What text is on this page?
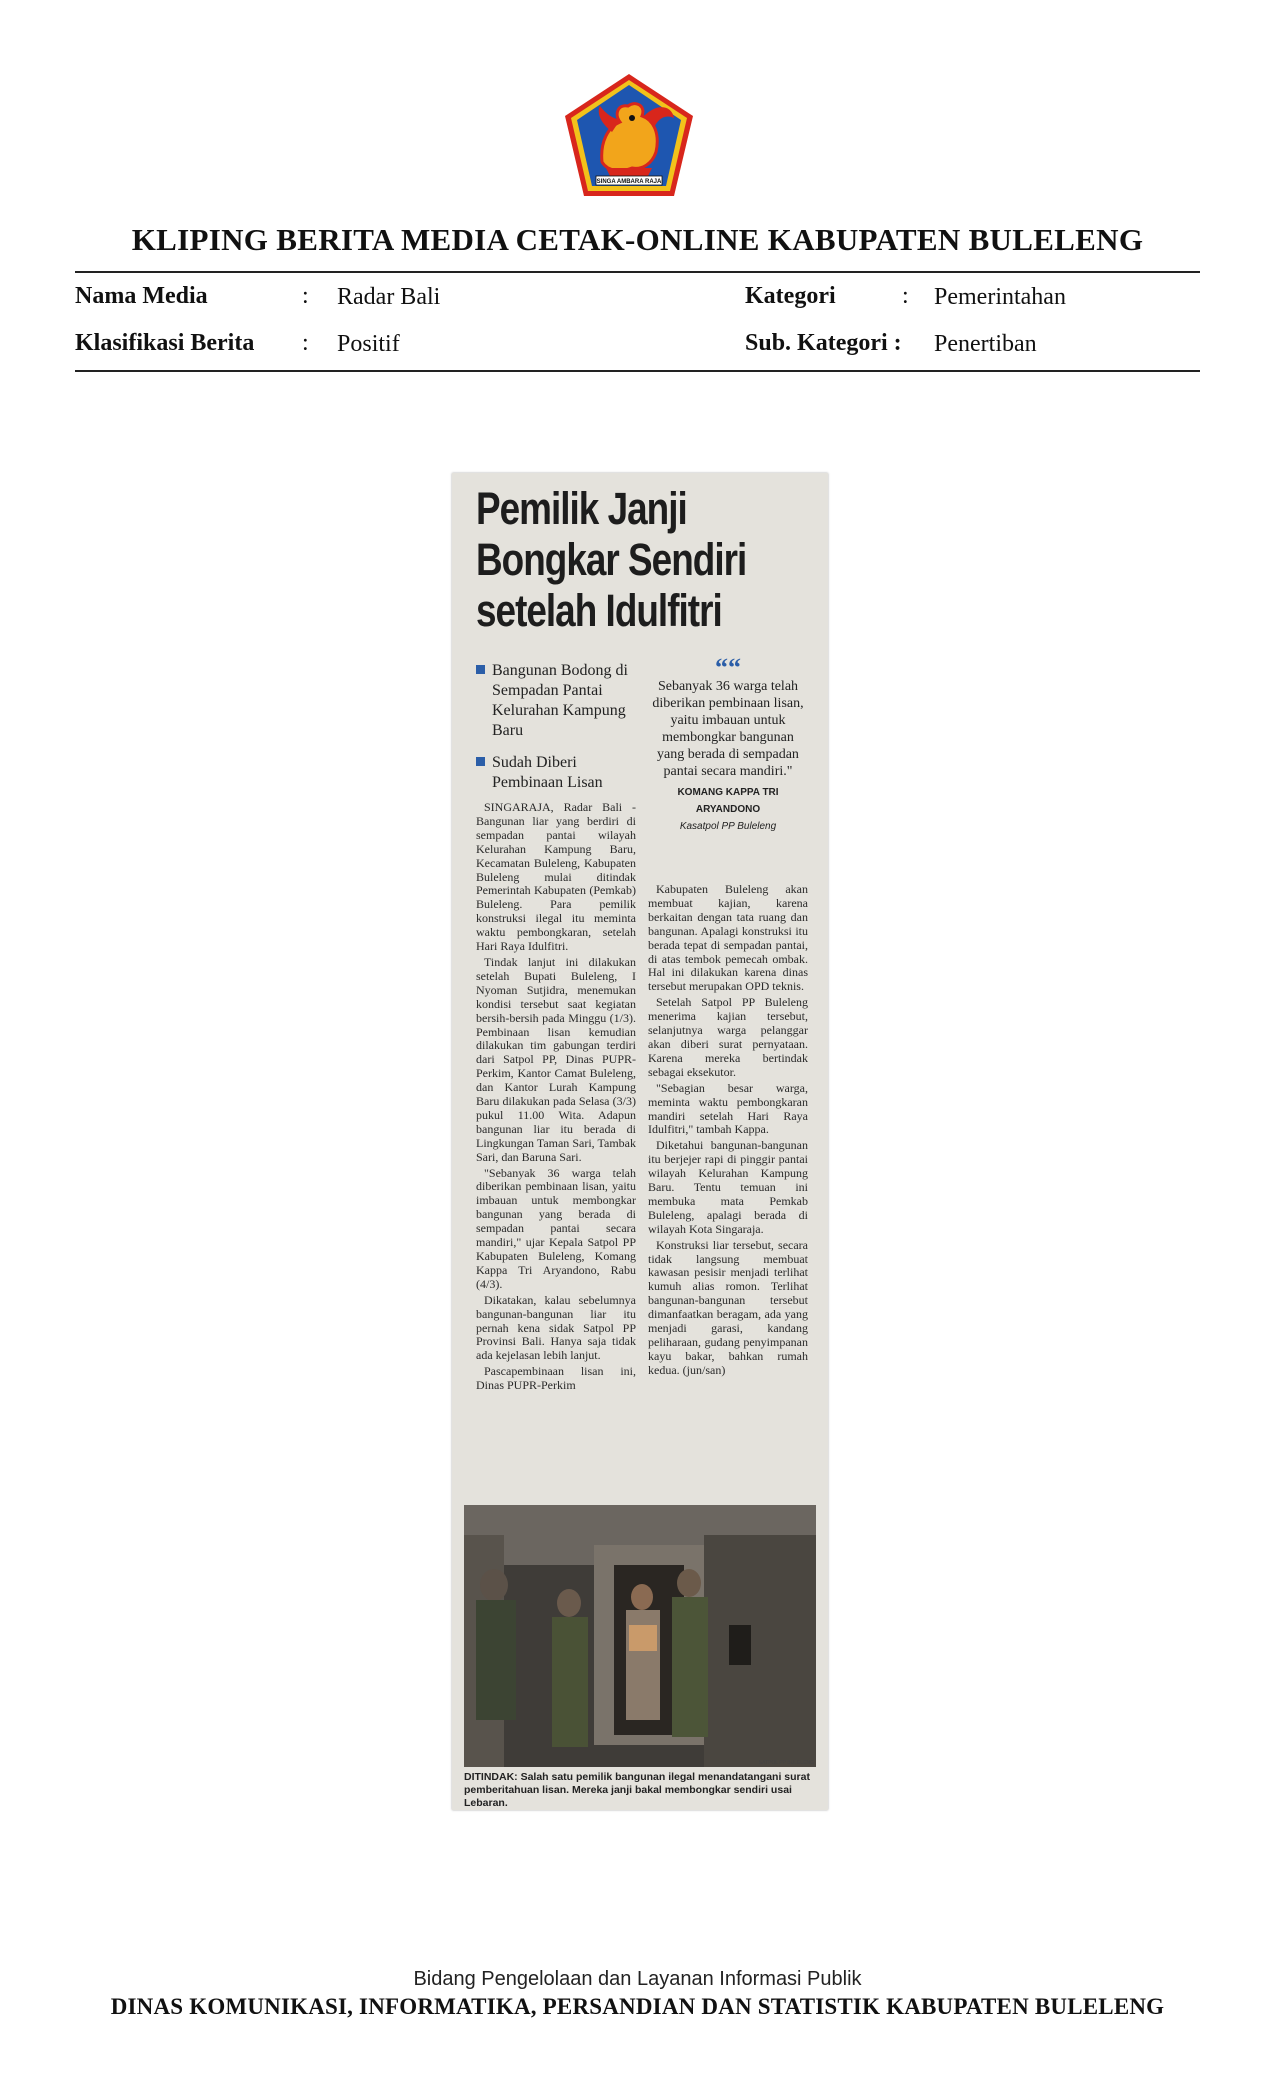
SINGA AMBARA RAJA
KLIPING BERITA MEDIA CETAK-ONLINE KABUPATEN BULELENG
Nama Media	: Radar Bali
Klasifikasi Berita : Positif
Kategori	: Pemerintahan
Sub. Kategori : Penertiban
Pemilik Janji
Bongkar Sendiri
setelah Idulfitri
Bangunan Bodong di Sempadan Pantai Kelurahan Kampung Baru
Sudah Diberi Pembinaan Lisan
““
Sebanyak 36 warga telah diberikan pembinaan lisan, yaitu imbauan untuk membongkar bangunan yang berada di sempadan pantai secara mandiri."
KOMANG KAPPA TRI ARYANDONO
Kasatpol PP Buleleng

SINGARAJA, Radar Bali - Bangunan liar yang berdiri di sempadan pantai wilayah Kelurahan Kampung Baru, Kecamatan Buleleng, Kabupaten Buleleng mulai ditindak Pemerintah Kabupaten (Pemkab) Buleleng. Para pemilik konstruksi ilegal itu meminta waktu pembongkaran, setelah Hari Raya Idulfitri.

Tindak lanjut ini dilakukan setelah Bupati Buleleng, I Nyoman Sutjidra, menemukan kondisi tersebut saat kegiatan bersih-bersih pada Minggu (1/3). Pembinaan lisan kemudian dilakukan tim gabungan terdiri dari Satpol PP, Dinas PUPR-Perkim, Kantor Camat Buleleng, dan Kantor Lurah Kampung Baru dilakukan pada Selasa (3/3) pukul 11.00 Wita. Adapun bangunan liar itu berada di Lingkungan Taman Sari, Tambak Sari, dan Baruna Sari.

"Sebanyak 36 warga telah diberikan pembinaan lisan, yaitu imbauan untuk membongkar bangunan yang berada di sempadan pantai secara mandiri," ujar Kepala Satpol PP Kabupaten Buleleng, Komang Kappa Tri Aryandono, Rabu (4/3).

Dikatakan, kalau sebelumnya bangunan-bangunan liar itu pernah kena sidak Satpol PP Provinsi Bali. Hanya saja tidak ada kejelasan lebih lanjut.

Pascapembinaan lisan ini, Dinas PUPR-Perkim

Kabupaten Buleleng akan membuat kajian, karena berkaitan dengan tata ruang dan bangunan. Apalagi konstruksi itu berada tepat di sempadan pantai, di atas tembok pemecah ombak. Hal ini dilakukan karena dinas tersebut merupakan OPD teknis.

Setelah Satpol PP Buleleng menerima kajian tersebut, selanjutnya warga pelanggar akan diberi surat pernyataan. Karena mereka bertindak sebagai eksekutor.

"Sebagian besar warga, meminta waktu pembongkaran mandiri setelah Hari Raya Idulfitri," tambah Kappa.

Diketahui bangunan-bangunan itu berjejer rapi di pinggir pantai wilayah Kelurahan Kampung Baru. Tentu temuan ini membuka mata Pemkab Buleleng, apalagi berada di wilayah Kota Singaraja.

Konstruksi liar tersebut, secara tidak langsung membuat kawasan pesisir menjadi terlihat kumuh alias romon. Terlihat bangunan-bangunan tersebut dimanfaatkan beragam, ada yang menjadi garasi, kandang peliharaan, gudang penyimpanan kayu bakar, bahkan rumah kedua. (jun/san)

SATPOL PP BULELENG
DITINDAK: Salah satu pemilik bangunan ilegal menandatangani surat pemberitahuan lisan. Mereka janji bakal membongkar sendiri usai Lebaran.
Bidang Pengelolaan dan Layanan Informasi Publik
DINAS KOMUNIKASI, INFORMATIKA, PERSANDIAN DAN STATISTIK KABUPATEN BULELENG
